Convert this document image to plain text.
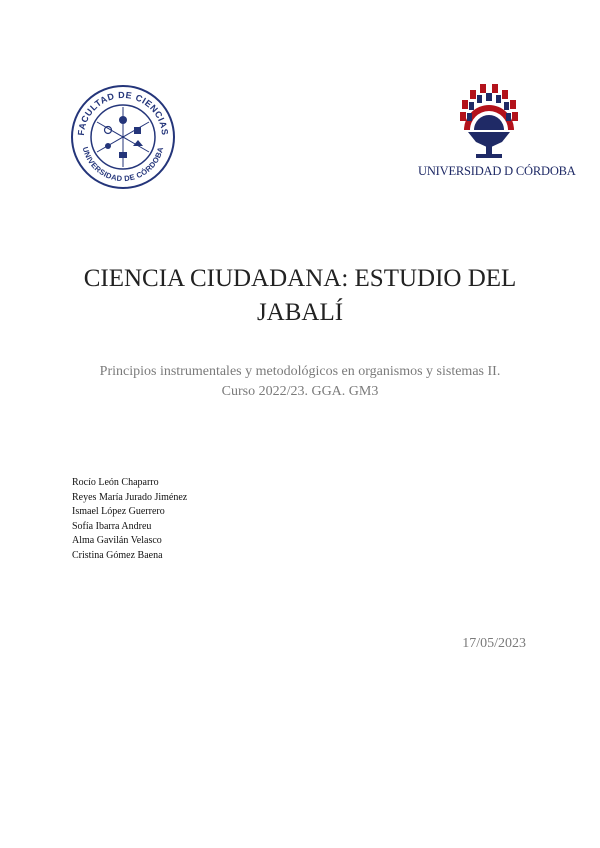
FACULTAD DE CIENCIAS
UNIVERSIDAD DE CÓRDOBA
UNIVERSIDAD D CÓRDOBA
CIENCIA CIUDADANA: ESTUDIO DEL
JABALÍ

Principios instrumentales y metodológicos en organismos y sistemas II.
Curso 2022/23. GGA. GM3

Rocío León Chaparro
Reyes María Jurado Jiménez
Ismael López Guerrero
Sofía Ibarra Andreu
Alma Gavilán Velasco
Cristina Gómez Baena
17/05/2023
